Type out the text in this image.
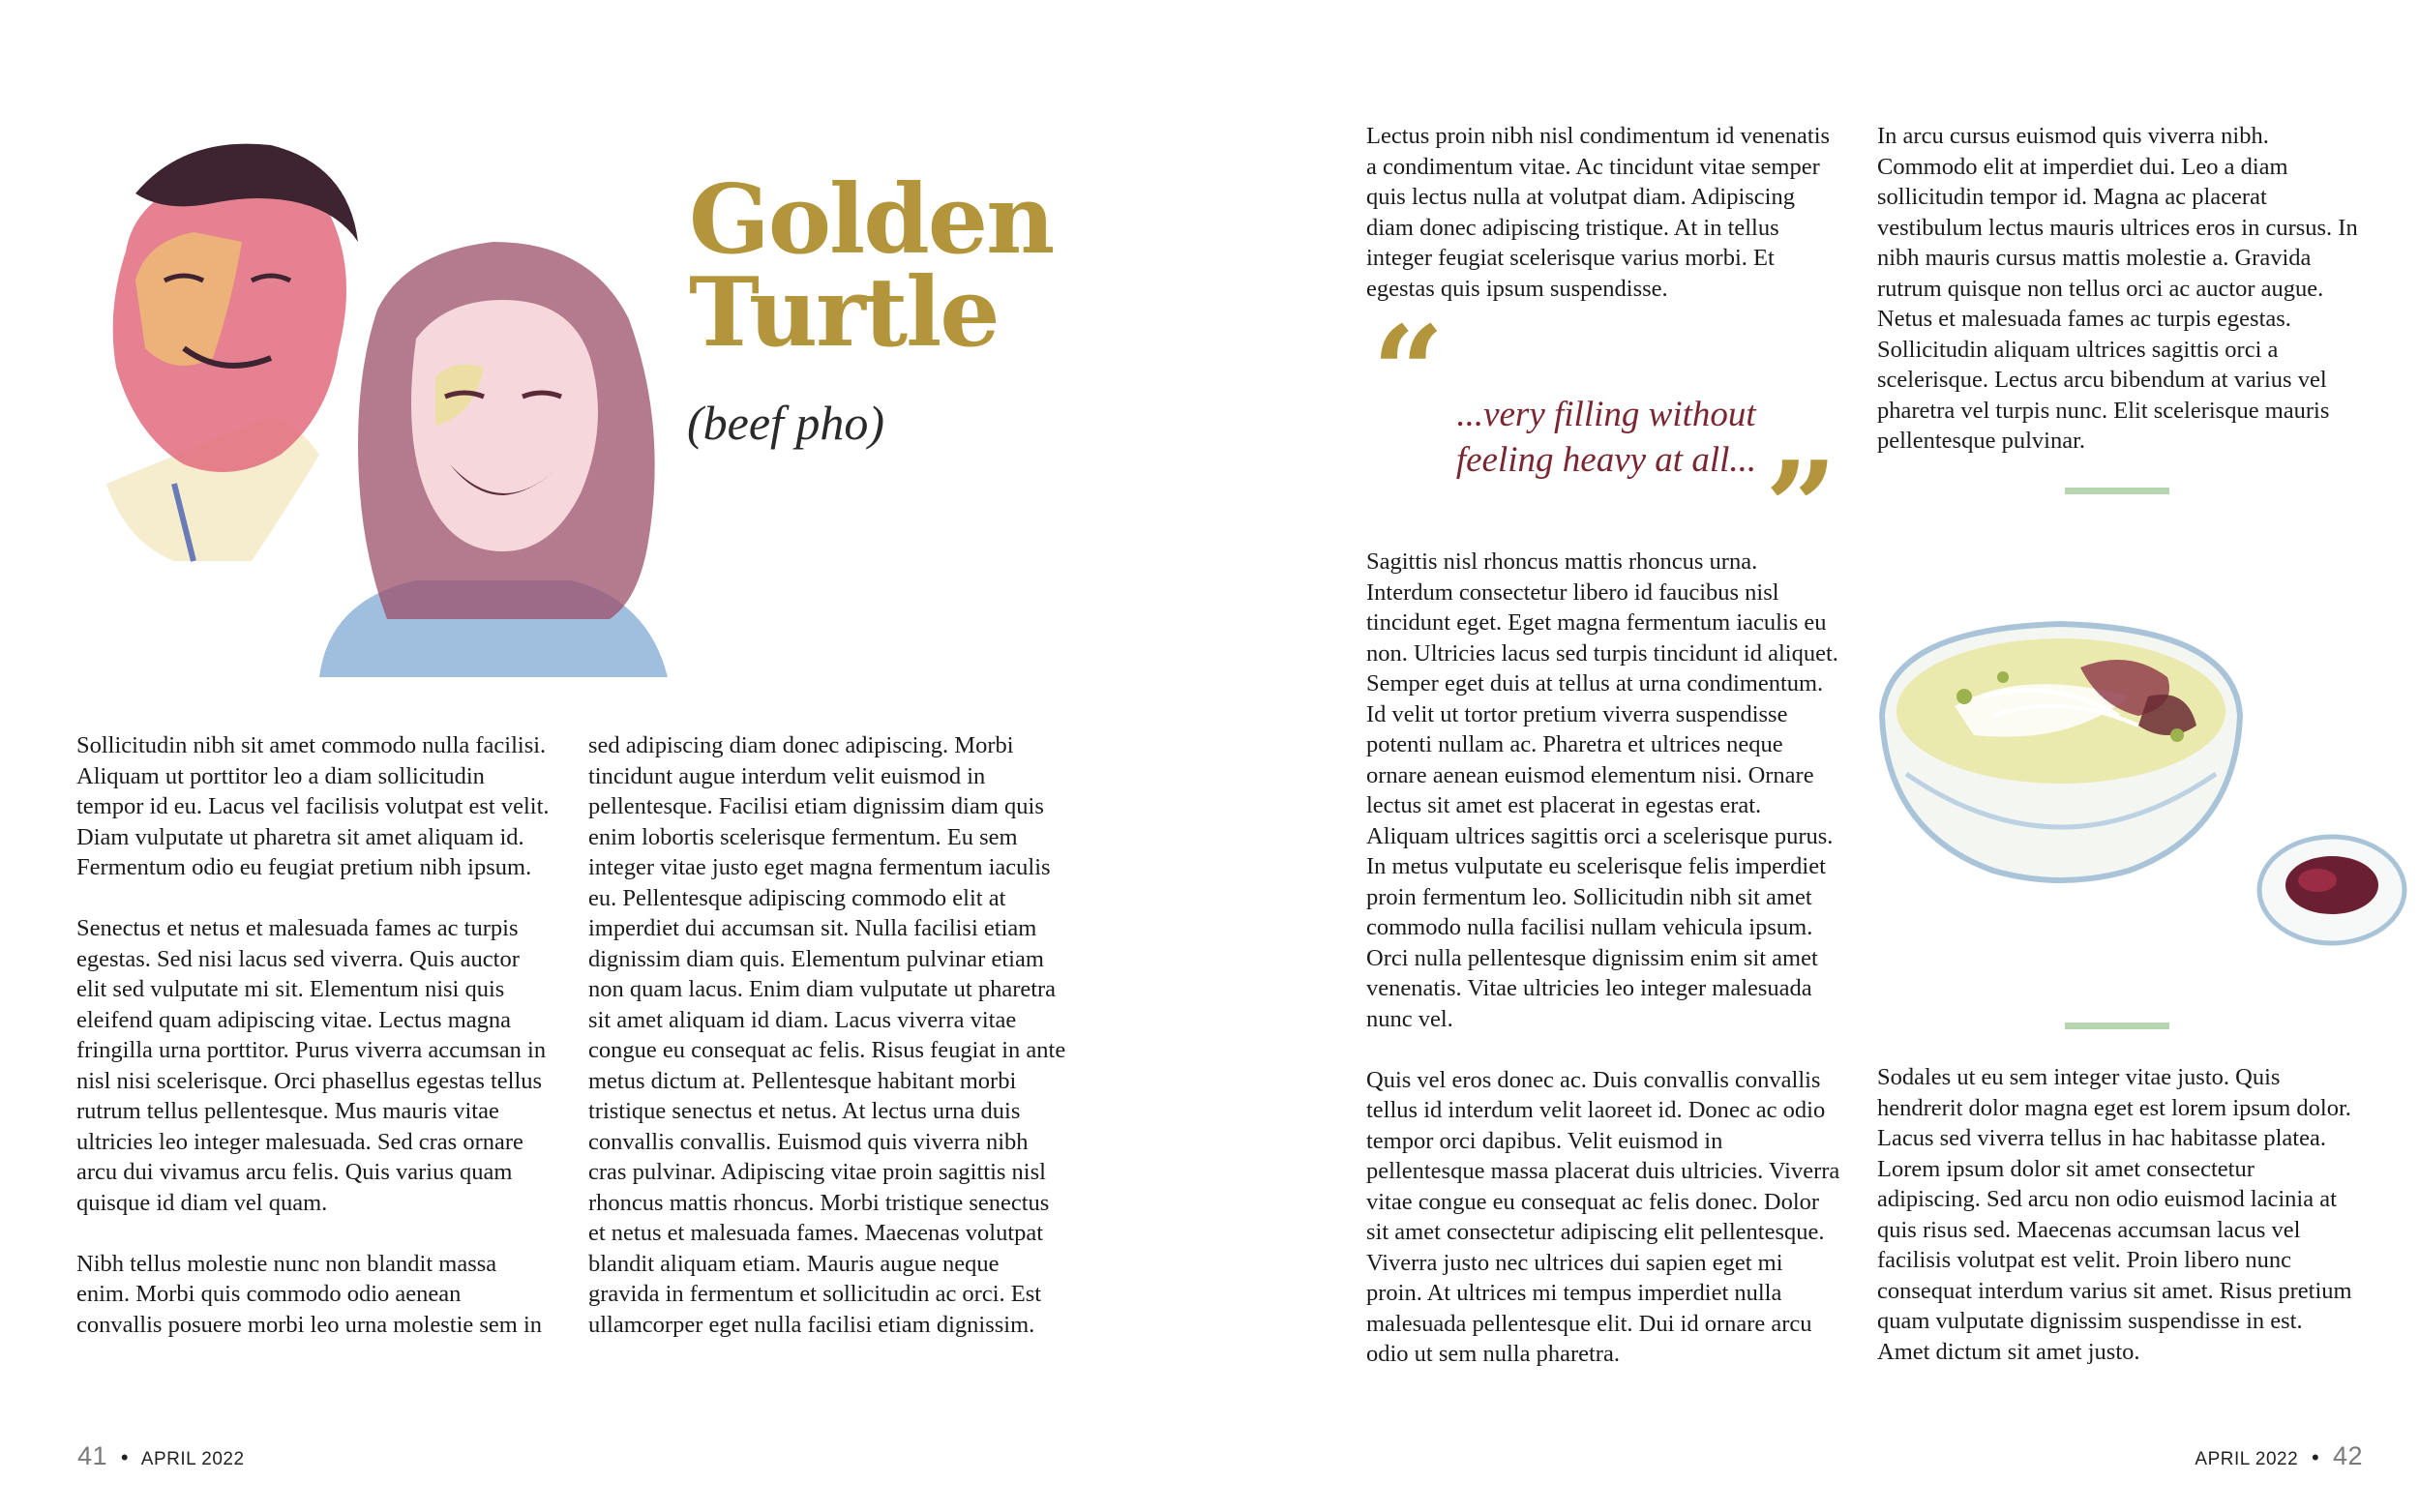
Golden
Turtle
(beef pho)

Sollicitudin nibh sit amet commodo nulla facilisi. Aliquam ut porttitor leo a diam sollicitudin tempor id eu. Lacus vel facilisis volutpat est velit. Diam vulputate ut pharetra sit amet aliquam id. Fermentum odio eu feugiat pretium nibh ipsum.

Senectus et netus et malesuada fames ac turpis egestas. Sed nisi lacus sed viverra. Quis auctor elit sed vulputate mi sit. Elementum nisi quis eleifend quam adipiscing vitae. Lectus magna fringilla urna porttitor. Purus viverra accumsan in nisl nisi scelerisque. Orci phasellus egestas tellus rutrum tellus pellentesque. Mus mauris vitae ultricies leo integer malesuada. Sed cras ornare arcu dui vivamus arcu felis. Quis varius quam quisque id diam vel quam.

Nibh tellus molestie nunc non blandit massa enim. Morbi quis commodo odio aenean convallis posuere morbi leo urna molestie sem in

sed adipiscing diam donec adipiscing. Morbi tincidunt augue interdum velit euismod in pellentesque. Facilisi etiam dignissim diam quis enim lobortis scelerisque fermentum. Eu sem integer vitae justo eget magna fermentum iaculis eu. Pellentesque adipiscing commodo elit at imperdiet dui accumsan sit. Nulla facilisi etiam dignissim diam quis. Elementum pulvinar etiam non quam lacus. Enim diam vulputate ut pharetra sit amet aliquam id diam. Lacus viverra vitae congue eu consequat ac felis. Risus feugiat in ante metus dictum at. Pellentesque habitant morbi tristique senectus et netus. At lectus urna duis convallis convallis. Euismod quis viverra nibh cras pulvinar. Adipiscing vitae proin sagittis nisl rhoncus mattis rhoncus. Morbi tristique senectus et netus et malesuada fames. Maecenas volutpat blandit aliquam etiam. Mauris augue neque gravida in fermentum et sollicitudin ac orci. Est ullamcorper eget nulla facilisi etiam dignissim.

41 • APRIL 2022

Lectus proin nibh nisl condimentum id venenatis a condimentum vitae. Ac tincidunt vitae semper quis lectus nulla at volutpat diam. Adipiscing diam donec adipiscing tristique. At in tellus integer feugiat scelerisque varius morbi. Et egestas quis ipsum suspendisse.

“ ...very filling without feeling heavy at all... ”

Sagittis nisl rhoncus mattis rhoncus urna. Interdum consectetur libero id faucibus nisl tincidunt eget. Eget magna fermentum iaculis eu non. Ultricies lacus sed turpis tincidunt id aliquet. Semper eget duis at tellus at urna condimentum. Id velit ut tortor pretium viverra suspendisse potenti nullam ac. Pharetra et ultrices neque ornare aenean euismod elementum nisi. Ornare lectus sit amet est placerat in egestas erat. Aliquam ultrices sagittis orci a scelerisque purus. In metus vulputate eu scelerisque felis imperdiet proin fermentum leo. Sollicitudin nibh sit amet commodo nulla facilisi nullam vehicula ipsum. Orci nulla pellentesque dignissim enim sit amet venenatis. Vitae ultricies leo integer malesuada nunc vel.

Quis vel eros donec ac. Duis convallis convallis tellus id interdum velit laoreet id. Donec ac odio tempor orci dapibus. Velit euismod in pellentesque massa placerat duis ultricies. Viverra vitae congue eu consequat ac felis donec. Dolor sit amet consectetur adipiscing elit pellentesque. Viverra justo nec ultrices dui sapien eget mi proin. At ultrices mi tempus imperdiet nulla malesuada pellentesque elit. Dui id ornare arcu odio ut sem nulla pharetra.

In arcu cursus euismod quis viverra nibh. Commodo elit at imperdiet dui. Leo a diam sollicitudin tempor id. Magna ac placerat vestibulum lectus mauris ultrices eros in cursus. In nibh mauris cursus mattis molestie a. Gravida rutrum quisque non tellus orci ac auctor augue. Netus et malesuada fames ac turpis egestas. Sollicitudin aliquam ultrices sagittis orci a scelerisque. Lectus arcu bibendum at varius vel pharetra vel turpis nunc. Elit scelerisque mauris pellentesque pulvinar.

Sodales ut eu sem integer vitae justo. Quis hendrerit dolor magna eget est lorem ipsum dolor. Lacus sed viverra tellus in hac habitasse platea. Lorem ipsum dolor sit amet consectetur adipiscing. Sed arcu non odio euismod lacinia at quis risus sed. Maecenas accumsan lacus vel facilisis volutpat est velit. Proin libero nunc consequat interdum varius sit amet. Risus pretium quam vulputate dignissim suspendisse in est. Amet dictum sit amet justo.

APRIL 2022 • 42
